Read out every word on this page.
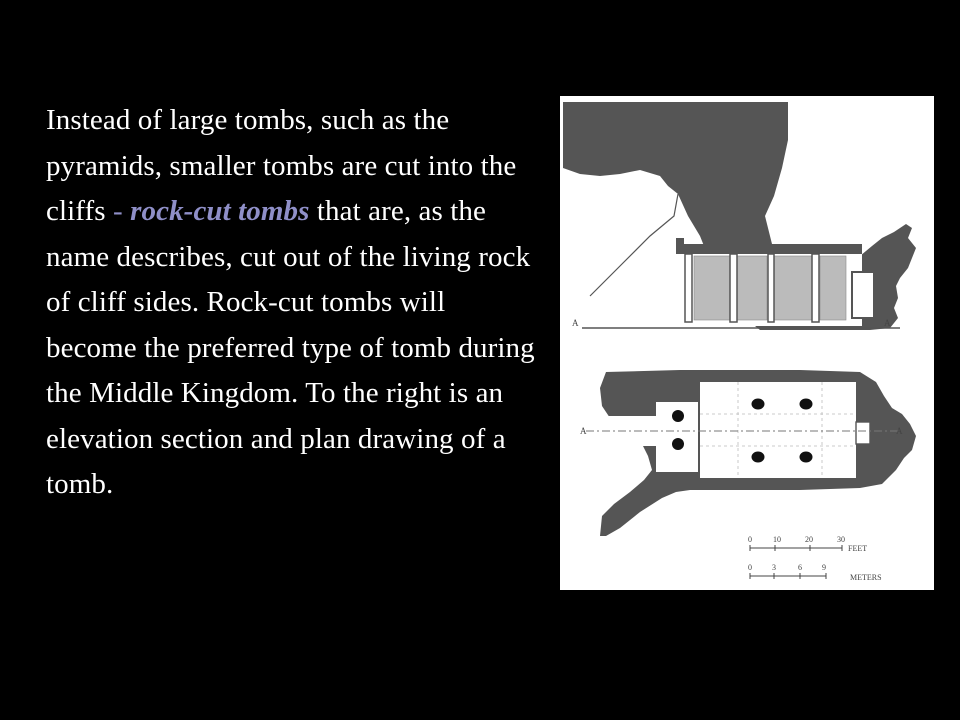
Instead of large tombs, such as the pyramids, smaller tombs are cut into the cliffs - rock-cut tombs that are, as the name describes, cut out of the living rock of cliff sides. Rock-cut tombs will become the preferred type of tomb during the Middle Kingdom. To the right is an elevation section and plan drawing of a tomb.
A	A
A	A
0	10	20	30
FEET
0	3	6	9
METERS
